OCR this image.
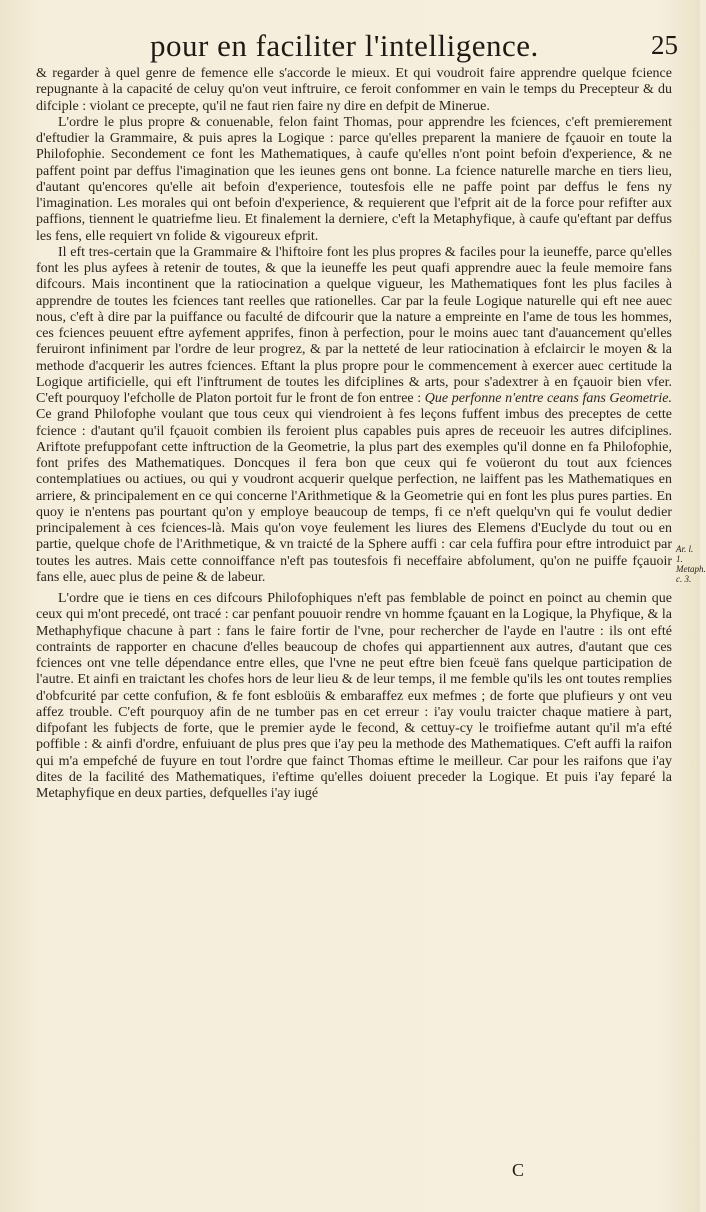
pour en faciliter l'intelligence.	25

& regarder à quel genre de femence elle s'accorde le mieux. Et qui voudroit faire apprendre quelque fcience repugnante à la capacité de celuy qu'on veut inftruire, ce feroit confommer en vain le temps du Precepteur & du difciple : violant ce precepte, qu'il ne faut rien faire ny dire en defpit de Minerue.

L'ordre le plus propre & conuenable, felon faint Thomas, pour apprendre les fciences, c'eft premierement d'eftudier la Grammaire, & puis apres la Logique : parce qu'elles preparent la maniere de fçauoir en toute la Philofophie. Secondement ce font les Mathematiques, à caufe qu'elles n'ont point befoin d'experience, & ne paffent point par deffus l'imagination que les ieunes gens ont bonne. La fcience naturelle marche en tiers lieu, d'autant qu'encores qu'elle ait befoin d'experience, toutesfois elle ne paffe point par deffus le fens ny l'imagination. Les morales qui ont befoin d'experience, & requierent que l'efprit ait de la force pour refifter aux paffions, tiennent le quatriefme lieu. Et finalement la derniere, c'eft la Metaphyfique, à caufe qu'eftant par deffus les fens, elle requiert vn folide & vigoureux efprit.

Il eft tres-certain que la Grammaire & l'hiftoire font les plus propres & faciles pour la ieuneffe, parce qu'elles font les plus ayfees à retenir de toutes, & que la ieuneffe les peut quafi apprendre auec la feule memoire fans difcours. Mais incontinent que la ratiocination a quelque vigueur, les Mathematiques font les plus faciles à apprendre de toutes les fciences tant reelles que rationelles. Car par la feule Logique naturelle qui eft nee auec nous, c'eft à dire par la puiffance ou faculté de difcourir que la nature a empreinte en l'ame de tous les hommes, ces fciences peuuent eftre ayfement apprifes, finon à perfection, pour le moins auec tant d'auancement qu'elles feruiront infiniment par l'ordre de leur progrez, & par la netteté de leur ratiocination à efclaircir le moyen & la methode d'acquerir les autres fciences. Eftant la plus propre pour le commencement à exercer auec certitude la Logique artificielle, qui eft l'inftrument de toutes les difciplines & arts, pour s'adextrer à en fçauoir bien vfer. C'eft pourquoy l'efcholle de Platon portoit fur le front de fon entree : Que perfonne n'entre ceans fans Geometrie. Ce grand Philofophe voulant que tous ceux qui viendroient à fes leçons fuffent imbus des preceptes de cette fcience : d'autant qu'il fçauoit combien ils feroient plus capables puis apres de receuoir les autres difciplines. Ariftote prefuppofant cette inftruction de la Geometrie, la plus part des exemples qu'il donne en fa Philofophie, font prifes des Mathematiques. Doncques il fera bon que ceux qui fe voüeront du tout aux fciences contemplatiues ou actiues, ou qui y voudront acquerir quelque perfection, ne laiffent pas les Mathematiques en arriere, & principalement en ce qui concerne l'Arithmetique & la Geometrie qui en font les plus pures parties. En quoy ie n'entens pas pourtant qu'on y employe beaucoup de temps, fi ce n'eft quelqu'vn qui fe voulut dedier principalement à ces fciences-là. Mais qu'on voye feulement les liures des Elemens d'Euclyde du tout ou en partie, quelque chofe de l'Arithmetique, & vn traicté de la Sphere auffi : car cela fuffira pour eftre introduict par toutes les autres. Mais cette connoiffance n'eft pas toutesfois fi neceffaire abfolument, qu'on ne puiffe fçauoir fans elle, auec plus de peine & de labeur.

L'ordre que ie tiens en ces difcours Philofophiques n'eft pas femblable de poinct en poinct au chemin que ceux qui m'ont precedé, ont tracé : car penfant pouuoir rendre vn homme fçauant en la Logique, la Phyfique, & la Methaphyfique chacune à part : fans le faire fortir de l'vne, pour rechercher de l'ayde en l'autre : ils ont efté contraints de rapporter en chacune d'elles beaucoup de chofes qui appartiennent aux autres, d'autant que ces fciences ont vne telle dépendance entre elles, que l'vne ne peut eftre bien fceuë fans quelque participation de l'autre. Et ainfi en traictant les chofes hors de leur lieu & de leur temps, il me femble qu'ils les ont toutes remplies d'obfcurité par cette confufion, & fe font esbloüis & embaraffez eux mefmes ; de forte que plufieurs y ont veu affez trouble. C'eft pourquoy afin de ne tumber pas en cet erreur : i'ay voulu traicter chaque matiere à part, difpofant les fubjects de forte, que le premier ayde le fecond, & cettuy-cy le troifiefme autant qu'il m'a efté poffible : & ainfi d'ordre, enfuiuant de plus pres que i'ay peu la methode des Mathematiques. C'eft auffi la raifon qui m'a empefché de fuyure en tout l'ordre que fainct Thomas eftime le meilleur. Car pour les raifons que i'ay dites de la facilité des Mathematiques, i'eftime qu'elles doiuent preceder la Logique. Et puis i'ay feparé la Metaphyfique en deux parties, defquelles i'ay iugé

Ar. l. 1.
Metaph.
c. 3.
C
